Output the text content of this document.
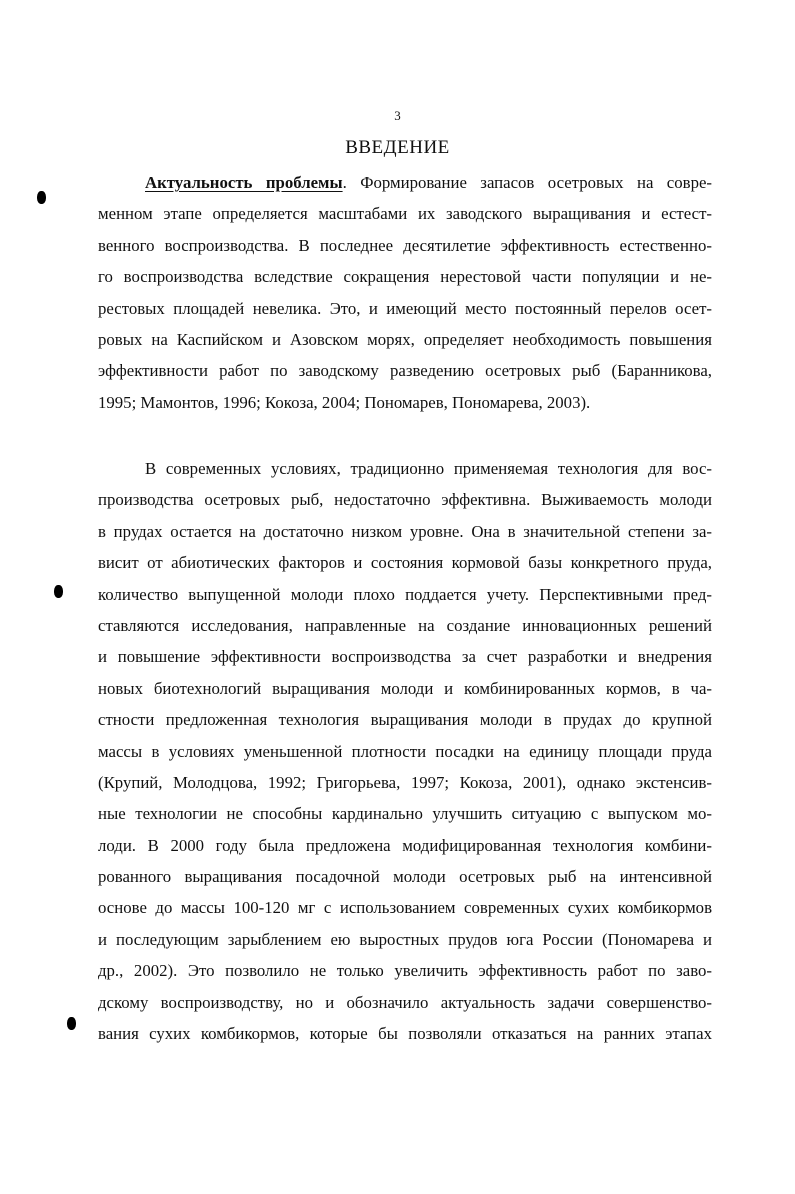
3
ВВЕДЕНИЕ
Актуальность проблемы. Формирование запасов осетровых на совре-
менном этапе определяется масштабами их заводского выращивания и естест-
венного воспроизводства. В последнее десятилетие эффективность естественно-
го воспроизводства вследствие сокращения нерестовой части популяции и не-
рестовых площадей невелика. Это, и имеющий место постоянный перелов осет-
ровых на Каспийском и Азовском морях, определяет необходимость повышения
эффективности работ по заводскому разведению осетровых рыб (Баранникова,
1995; Мамонтов, 1996; Кокоза, 2004; Пономарев, Пономарева, 2003).
В современных условиях, традиционно применяемая технология для вос-
производства осетровых рыб, недостаточно эффективна. Выживаемость молоди
в прудах остается на достаточно низком уровне. Она в значительной степени за-
висит от абиотических факторов и состояния кормовой базы конкретного пруда,
количество выпущенной молоди плохо поддается учету. Перспективными пред-
ставляются исследования, направленные на создание инновационных решений
и повышение эффективности воспроизводства за счет разработки и внедрения
новых биотехнологий выращивания молоди и комбинированных кормов, в ча-
стности предложенная технология выращивания молоди в прудах до крупной
массы в условиях уменьшенной плотности посадки на единицу площади пруда
(Крупий, Молодцова, 1992; Григорьева, 1997; Кокоза, 2001), однако экстенсив-
ные технологии не способны кардинально улучшить ситуацию с выпуском мо-
лоди. В 2000 году была предложена модифицированная технология комбини-
рованного выращивания посадочной молоди осетровых рыб на интенсивной
основе до массы 100-120 мг с использованием современных сухих комбикормов
и последующим зарыблением ею выростных прудов юга России (Пономарева и
др., 2002). Это позволило не только увеличить эффективность работ по заво-
дскому воспроизводству, но и обозначило актуальность задачи совершенство-
вания сухих комбикормов, которые бы позволяли отказаться на ранних этапах
